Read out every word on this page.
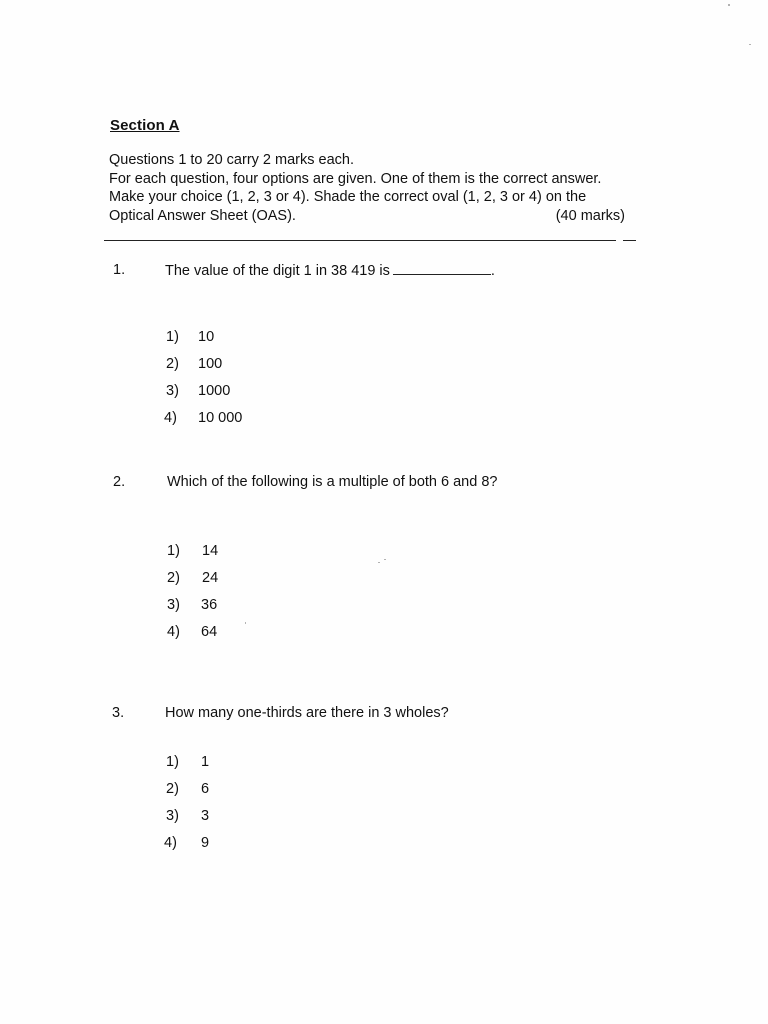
Section A
Questions 1 to 20 carry 2 marks each.
For each question, four options are given. One of them is the correct answer.
Make your choice (1, 2, 3 or 4). Shade the correct oval (1, 2, 3 or 4) on the
Optical Answer Sheet (OAS).	(40 marks)
1.	The value of the digit 1 in 38 419 is	.
1) 10
2) 100
3) 1000
4) 10 000
2.	Which of the following is a multiple of both 6 and 8?
1) 14
2) 24
3) 36
4) 64
3.	How many one-thirds are there in 3 wholes?
1) 1
2) 6
3) 3
4) 9
